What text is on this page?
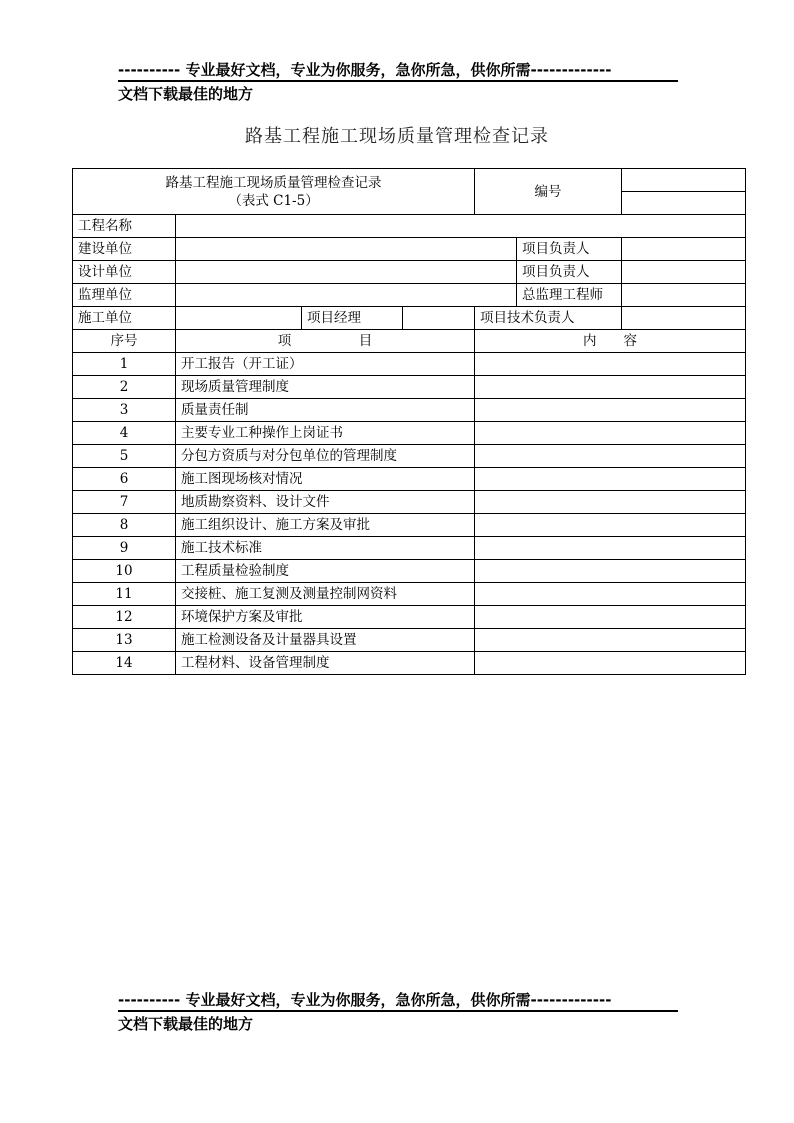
---------- 专业最好文档，专业为你服务，急你所急，供你所需-------------
文档下载最佳的地方
路基工程施工现场质量管理检查记录
路基工程施工现场质量管理检查记录
（表式 C1-5）				编号		

工程名称						
建设单位					项目负责人	
设计单位					项目负责人	
监理单位					总监理工程师	
施工单位		项目经理		项目技术负责人		
序号	项　　　　　目			内　　容		
1	开工报告（开工证）					
2	现场质量管理制度					
3	质量责任制					
4	主要专业工种操作上岗证书					
5	分包方资质与对分包单位的管理制度					
6	施工图现场核对情况					
7	地质勘察资料、设计文件					
8	施工组织设计、施工方案及审批					
9	施工技术标准					
10	工程质量检验制度					
11	交接桩、施工复测及测量控制网资料					
12	环境保护方案及审批					
13	施工检测设备及计量器具设置					
14	工程材料、设备管理制度					
---------- 专业最好文档，专业为你服务，急你所急，供你所需-------------
文档下载最佳的地方
